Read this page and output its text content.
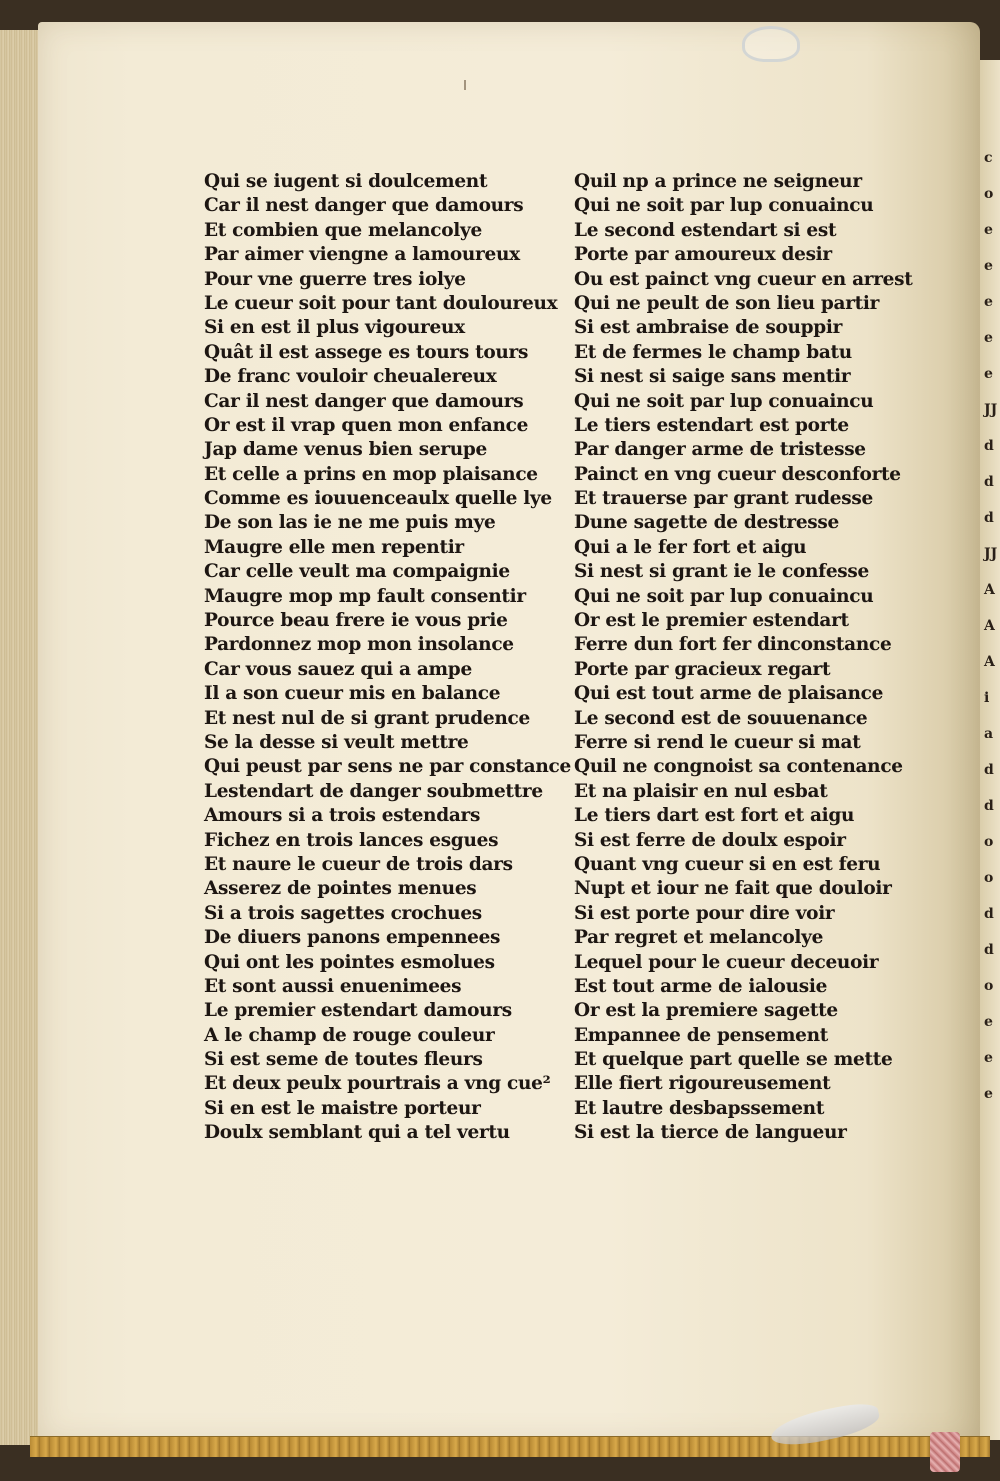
coeeeeeJJdddJJAAAiaddooddoeee
Qui se iugent si doulcement
Car il nest danger que damours
Et combien que melancolye
Par aimer viengne a lamoureux
Pour vne guerre tres iolye
Le cueur soit pour tant douloureux
Si en est il plus vigoureux
Quât il est assege es tours tours
De franc vouloir cheualereux
Car il nest danger que damours
Or est il vrap quen mon enfance
Jap dame venus bien serupe
Et celle a prins en mop plaisance
Comme es iouuenceaulx quelle lye
De son las ie ne me puis mye
Maugre elle men repentir
Car celle veult ma compaignie
Maugre mop mp fault consentir
Pource beau frere ie vous prie
Pardonnez mop mon insolance
Car vous sauez qui a ampe
Il a son cueur mis en balance
Et nest nul de si grant prudence
Se la desse si veult mettre
Qui peust par sens ne par constance
Lestendart de danger soubmettre
Amours si a trois estendars
Fichez en trois lances esgues
Et naure le cueur de trois dars
Asserez de pointes menues
Si a trois sagettes crochues
De diuers panons empennees
Qui ont les pointes esmolues
Et sont aussi enuenimees
Le premier estendart damours
A le champ de rouge couleur
Si est seme de toutes fleurs
Et deux peulx pourtrais a vng cue²
Si en est le maistre porteur
Doulx semblant qui a tel vertu
Quil np a prince ne seigneur
Qui ne soit par lup conuaincu
Le second estendart si est
Porte par amoureux desir
Ou est painct vng cueur en arrest
Qui ne peult de son lieu partir
Si est ambraise de souppir
Et de fermes le champ batu
Si nest si saige sans mentir
Qui ne soit par lup conuaincu
Le tiers estendart est porte
Par danger arme de tristesse
Painct en vng cueur desconforte
Et trauerse par grant rudesse
Dune sagette de destresse
Qui a le fer fort et aigu
Si nest si grant ie le confesse
Qui ne soit par lup conuaincu
Or est le premier estendart
Ferre dun fort fer dinconstance
Porte par gracieux regart
Qui est tout arme de plaisance
Le second est de souuenance
Ferre si rend le cueur si mat
Quil ne congnoist sa contenance
Et na plaisir en nul esbat
Le tiers dart est fort et aigu
Si est ferre de doulx espoir
Quant vng cueur si en est feru
Nupt et iour ne fait que douloir
Si est porte pour dire voir
Par regret et melancolye
Lequel pour le cueur deceuoir
Est tout arme de ialousie
Or est la premiere sagette
Empannee de pensement
Et quelque part quelle se mette
Elle fiert rigoureusement
Et lautre desbapssement
Si est la tierce de langueur
